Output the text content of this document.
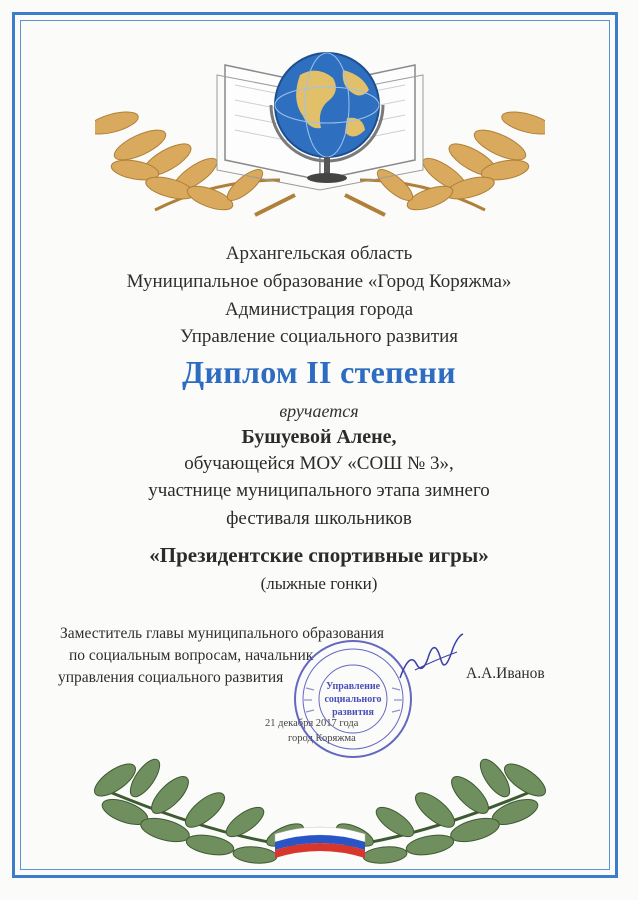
Архангельская область
Муниципальное образование «Город Коряжма»
Администрация города
Управление социального развития
Диплом II степени
вручается
Бушуевой Алене,
обучающейся МОУ «СОШ № 3»,
участнице муниципального этапа зимнего
фестиваля школьников
«Президентские спортивные игры»
(лыжные гонки)
Заместитель главы муниципального образования
по социальным вопросам, начальник
управления социального развития	А.А.Иванов
21 декабря 2017 года
город Коряжма
Управление
социального
развития
